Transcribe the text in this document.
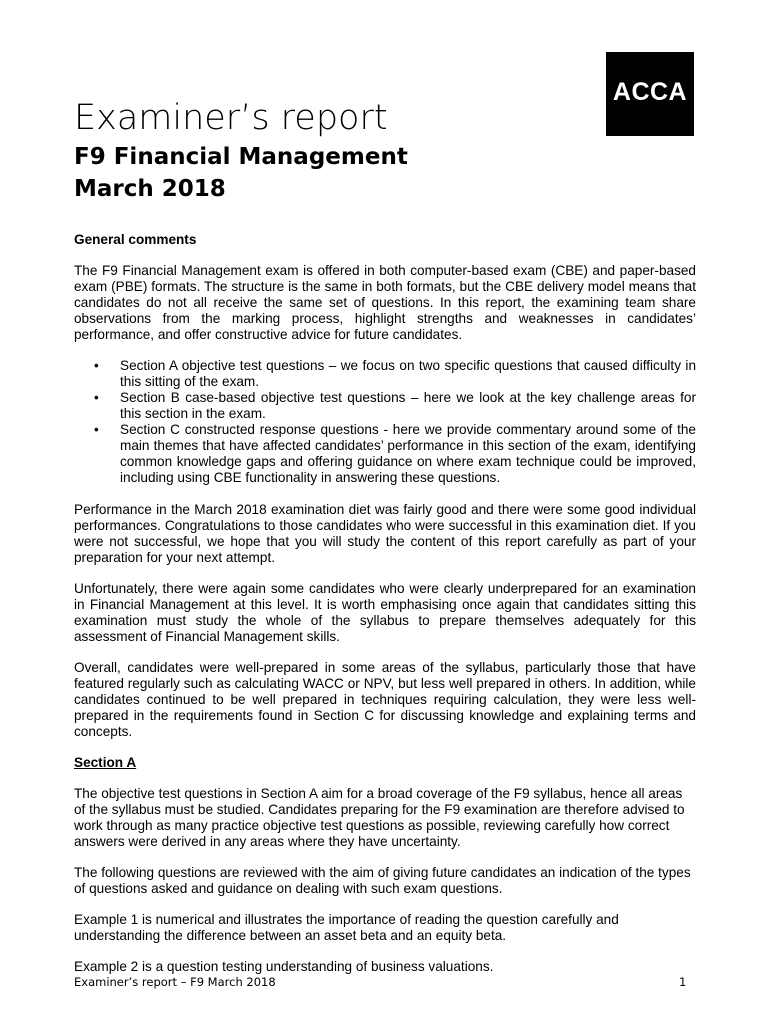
ACCA
Examiner’s report
F9 Financial Management
March 2018

General comments

The F9 Financial Management exam is offered in both computer-based exam (CBE) and paper-based exam (PBE) formats. The structure is the same in both formats, but the CBE delivery model means that candidates do not all receive the same set of questions. In this report, the examining team share observations from the marking process, highlight strengths and weaknesses in candidates’ performance, and offer constructive advice for future candidates.

• Section A objective test questions – we focus on two specific questions that caused difficulty in this sitting of the exam.
• Section B case-based objective test questions – here we look at the key challenge areas for this section in the exam.
• Section C constructed response questions - here we provide commentary around some of the main themes that have affected candidates’ performance in this section of the exam, identifying common knowledge gaps and offering guidance on where exam technique could be improved, including using CBE functionality in answering these questions.

Performance in the March 2018 examination diet was fairly good and there were some good individual performances. Congratulations to those candidates who were successful in this examination diet. If you were not successful, we hope that you will study the content of this report carefully as part of your preparation for your next attempt.

Unfortunately, there were again some candidates who were clearly underprepared for an examination in Financial Management at this level. It is worth emphasising once again that candidates sitting this examination must study the whole of the syllabus to prepare themselves adequately for this assessment of Financial Management skills.

Overall, candidates were well-prepared in some areas of the syllabus, particularly those that have featured regularly such as calculating WACC or NPV, but less well prepared in others. In addition, while candidates continued to be well prepared in techniques requiring calculation, they were less well-prepared in the requirements found in Section C for discussing knowledge and explaining terms and concepts.

Section A

The objective test questions in Section A aim for a broad coverage of the F9 syllabus, hence all areas of the syllabus must be studied. Candidates preparing for the F9 examination are therefore advised to work through as many practice objective test questions as possible, reviewing carefully how correct answers were derived in any areas where they have uncertainty.

The following questions are reviewed with the aim of giving future candidates an indication of the types of questions asked and guidance on dealing with such exam questions.

Example 1 is numerical and illustrates the importance of reading the question carefully and understanding the difference between an asset beta and an equity beta.

Example 2 is a question testing understanding of business valuations.

Examiner’s report – F9 March 2018	1
